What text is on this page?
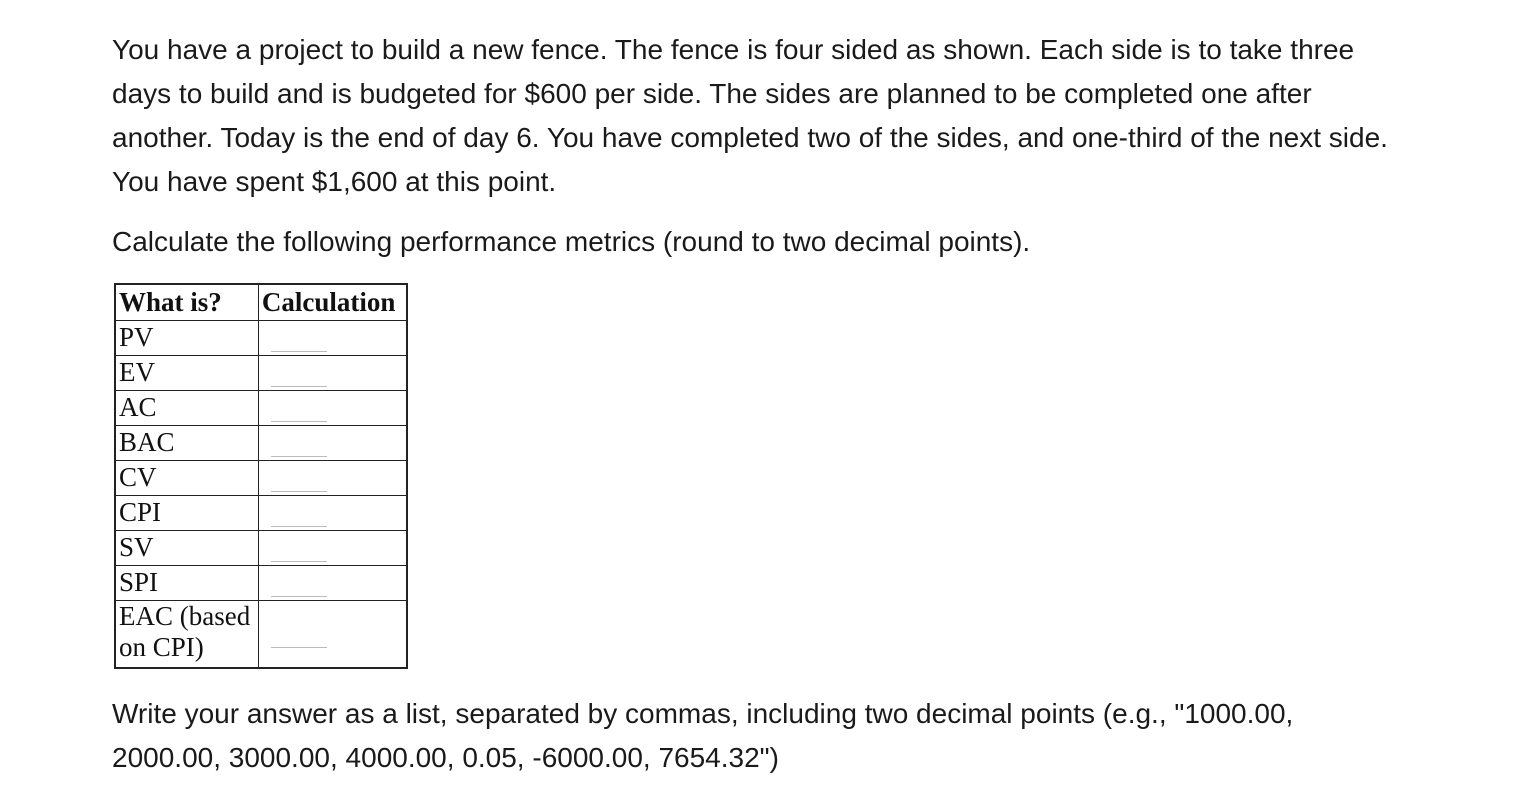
You have a project to build a new fence. The fence is four sided as shown. Each side is to take three days to build and is budgeted for $600 per side. The sides are planned to be completed one after another. Today is the end of day 6. You have completed two of the sides, and one-third of the next side. You have spent $1,600 at this point.

Calculate the following performance metrics (round to two decimal points).

What is?	Calculation
PV	

EV	

AC	

BAC	

CV	

CPI	

SV	

SPI	

EAC (based on CPI)	

Write your answer as a list, separated by commas, including two decimal points (e.g., "1000.00, 2000.00, 3000.00, 4000.00, 0.05, -6000.00, 7654.32")
